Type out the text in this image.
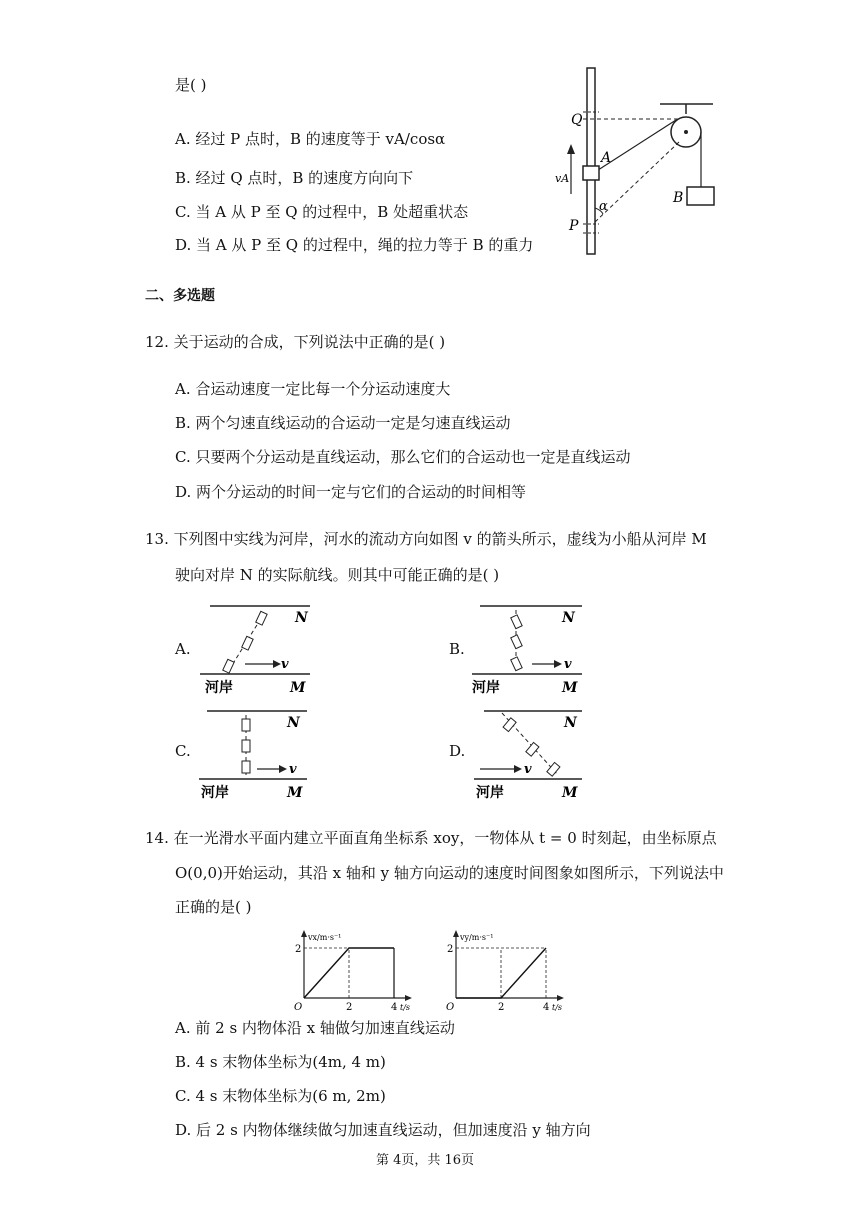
是( )
A. 经过 P 点时，B 的速度等于 vA/cosα
B. 经过 Q 点时，B 的速度方向向下
C. 当 A 从 P 至 Q 的过程中，B 处超重状态
D. 当 A 从 P 至 Q 的过程中，绳的拉力等于 B 的重力
Q
A
vA
P
α
B
二、多选题
12. 关于运动的合成，下列说法中正确的是( )
A. 合运动速度一定比每一个分运动速度大
B. 两个匀速直线运动的合运动一定是匀速直线运动
C. 只要两个分运动是直线运动，那么它们的合运动也一定是直线运动
D. 两个分运动的时间一定与它们的合运动的时间相等
13. 下列图中实线为河岸，河水的流动方向如图 v 的箭头所示，虚线为小船从河岸 M
驶向对岸 N 的实际航线。则其中可能正确的是( )
A.
v
N
河岸	M
B.
v
N
河岸	M
C.
v
N
河岸	M
D.
v
N
河岸	M
14. 在一光滑水平面内建立平面直角坐标系 xoy，一物体从 t = 0 时刻起，由坐标原点
O(0,0)开始运动，其沿 x 轴和 y 轴方向运动的速度时间图象如图所示，下列说法中
正确的是( )
vx/m·s⁻¹
t/s
2
O	2	4
vy/m·s⁻¹
t/s
2
O	2	4
A. 前 2 s 内物体沿 x 轴做匀加速直线运动
B. 4 s 末物体坐标为(4m, 4 m)
C. 4 s 末物体坐标为(6 m, 2m)
D. 后 2 s 内物体继续做匀加速直线运动，但加速度沿 y 轴方向
第 4页，共 16页
